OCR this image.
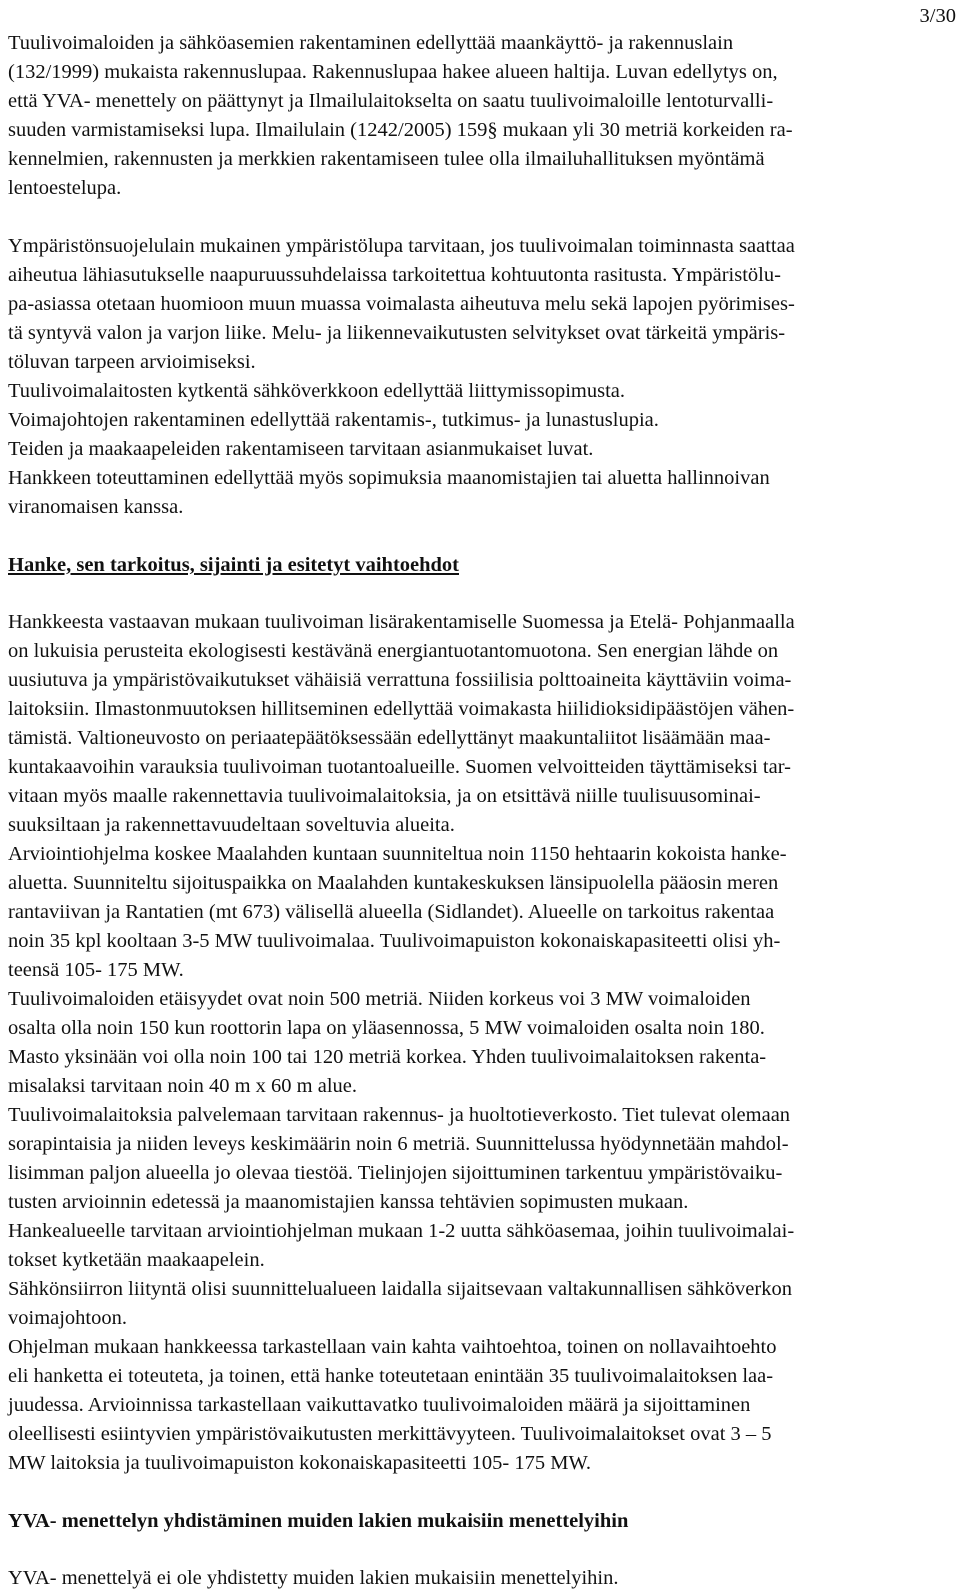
3/30

Tuulivoimaloiden ja sähköasemien rakentaminen edellyttää maankäyttö- ja rakennuslain
(132/1999) mukaista rakennuslupaa. Rakennuslupaa hakee alueen haltija. Luvan edellytys on,
että YVA- menettely on päättynyt ja Ilmailulaitokselta on saatu tuulivoimaloille lentoturvalli-
suuden varmistamiseksi lupa. Ilmailulain (1242/2005) 159§ mukaan yli 30 metriä korkeiden ra-
kennelmien, rakennusten ja merkkien rakentamiseen tulee olla ilmailuhallituksen myöntämä
lentoestelupa.

Ympäristönsuojelulain mukainen ympäristölupa tarvitaan, jos tuulivoimalan toiminnasta saattaa
aiheutua lähiasutukselle naapuruussuhdelaissa tarkoitettua kohtuutonta rasitusta. Ympäristölu-
pa-asiassa otetaan huomioon muun muassa voimalasta aiheutuva melu sekä lapojen pyörimises-
tä syntyvä valon ja varjon liike. Melu- ja liikennevaikutusten selvitykset ovat tärkeitä ympäris-
töluvan tarpeen arvioimiseksi.
Tuulivoimalaitosten kytkentä sähköverkkoon edellyttää liittymissopimusta.
Voimajohtojen rakentaminen edellyttää rakentamis-, tutkimus- ja lunastuslupia.
Teiden ja maakaapeleiden rakentamiseen tarvitaan asianmukaiset luvat.
Hankkeen toteuttaminen edellyttää myös sopimuksia maanomistajien tai aluetta hallinnoivan
viranomaisen kanssa.

Hanke, sen tarkoitus, sijainti ja esitetyt vaihtoehdot

Hankkeesta vastaavan mukaan tuulivoiman lisärakentamiselle Suomessa ja Etelä- Pohjanmaalla
on lukuisia perusteita ekologisesti kestävänä energiantuotantomuotona. Sen energian lähde on
uusiutuva ja ympäristövaikutukset vähäisiä verrattuna fossiilisia polttoaineita käyttäviin voima-
laitoksiin. Ilmastonmuutoksen hillitseminen edellyttää voimakasta hiilidioksidipäästöjen vähen-
tämistä. Valtioneuvosto on periaatepäätöksessään edellyttänyt maakuntaliitot lisäämään maa-
kuntakaavoihin varauksia tuulivoiman tuotantoalueille. Suomen velvoitteiden täyttämiseksi tar-
vitaan myös maalle rakennettavia tuulivoimalaitoksia, ja on etsittävä niille tuulisuusominai-
suuksiltaan ja rakennettavuudeltaan soveltuvia alueita.
Arviointiohjelma koskee Maalahden kuntaan suunniteltua noin 1150 hehtaarin kokoista hanke-
aluetta. Suunniteltu sijoituspaikka on Maalahden kuntakeskuksen länsipuolella pääosin meren
rantaviivan ja Rantatien (mt 673) välisellä alueella (Sidlandet). Alueelle on tarkoitus rakentaa
noin 35 kpl kooltaan 3-5 MW tuulivoimalaa. Tuulivoimapuiston kokonaiskapasiteetti olisi yh-
teensä 105- 175 MW.
Tuulivoimaloiden etäisyydet ovat noin 500 metriä. Niiden korkeus voi 3 MW voimaloiden
osalta olla noin 150 kun roottorin lapa on yläasennossa, 5 MW voimaloiden osalta noin 180.
Masto yksinään voi olla noin 100 tai 120 metriä korkea. Yhden tuulivoimalaitoksen rakenta-
misalaksi tarvitaan noin 40 m x 60 m alue.
Tuulivoimalaitoksia palvelemaan tarvitaan rakennus- ja huoltotieverkosto. Tiet tulevat olemaan
sorapintaisia ja niiden leveys keskimäärin noin 6 metriä. Suunnittelussa hyödynnetään mahdol-
lisimman paljon alueella jo olevaa tiestöä. Tielinjojen sijoittuminen tarkentuu ympäristövaiku-
tusten arvioinnin edetessä ja maanomistajien kanssa tehtävien sopimusten mukaan.
Hankealueelle tarvitaan arviointiohjelman mukaan 1-2 uutta sähköasemaa, joihin tuulivoimalai-
tokset kytketään maakaapelein.
Sähkönsiirron liityntä olisi suunnittelualueen laidalla sijaitsevaan valtakunnallisen sähköverkon
voimajohtoon.
Ohjelman mukaan hankkeessa tarkastellaan vain kahta vaihtoehtoa, toinen on nollavaihtoehto
eli hanketta ei toteuteta, ja toinen, että hanke toteutetaan enintään 35 tuulivoimalaitoksen laa-
juudessa. Arvioinnissa tarkastellaan vaikuttavatko tuulivoimaloiden määrä ja sijoittaminen
oleellisesti esiintyvien ympäristövaikutusten merkittävyyteen. Tuulivoimalaitokset ovat 3 – 5
MW laitoksia ja tuulivoimapuiston kokonaiskapasiteetti 105- 175 MW.

YVA- menettelyn yhdistäminen muiden lakien mukaisiin menettelyihin

YVA- menettelyä ei ole yhdistetty muiden lakien mukaisiin menettelyihin.
